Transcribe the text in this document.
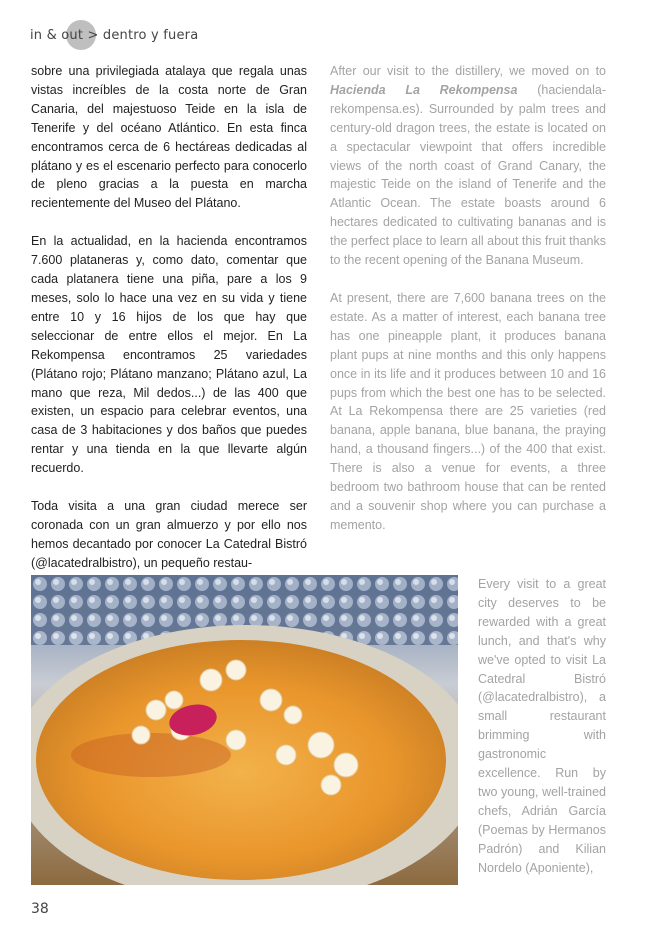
in & out > dentro y fuera

sobre una privilegiada atalaya que regala unas vistas increíbles de la costa norte de Gran Canaria, del majestuoso Teide en la isla de Tenerife y del océano Atlántico. En esta finca encontramos cerca de 6 hectáreas dedicadas al plátano y es el escenario perfecto para conocerlo de pleno gracias a la puesta en marcha recientemente del Museo del Plátano.

En la actualidad, en la hacienda encontramos 7.600 plataneras y, como dato, comentar que cada platanera tiene una piña, pare a los 9 meses, solo lo hace una vez en su vida y tiene entre 10 y 16 hijos de los que hay que seleccionar de entre ellos el mejor. En La Rekompensa encontramos 25 variedades (Plátano rojo; Plátano manzano; Plátano azul, La mano que reza, Mil dedos...) de las 400 que existen, un espacio para celebrar eventos, una casa de 3 habitaciones y dos baños que puedes rentar y una tienda en la que llevarte algún recuerdo.

Toda visita a una gran ciudad merece ser coronada con un gran almuerzo y por ello nos hemos decantado por conocer La Catedral Bistró (@lacatedralbistro), un pequeño restau-

After our visit to the distillery, we moved on to Hacienda La Rekompensa (haciendala-rekompensa.es). Surrounded by palm trees and century-old dragon trees, the estate is located on a spectacular viewpoint that offers incredible views of the north coast of Grand Canary, the majestic Teide on the island of Tenerife and the Atlantic Ocean. The estate boasts around 6 hectares dedicated to cultivating bananas and is the perfect place to learn all about this fruit thanks to the recent opening of the Banana Museum.

At present, there are 7,600 banana trees on the estate. As a matter of interest, each banana tree has one pineapple plant, it produces banana plant pups at nine months and this only happens once in its life and it produces between 10 and 16 pups from which the best one has to be selected. At La Rekompensa there are 25 varieties (red banana, apple banana, blue banana, the praying hand, a thousand fingers...) of the 400 that exist. There is also a venue for events, a three bedroom two bathroom house that can be rented and a souvenir shop where you can purchase a memento.

Every visit to a great city deserves to be rewarded with a great lunch, and that's why we've opted to visit La Catedral Bistró (@lacatedralbistro), a small restaurant brimming with gastronomic excellence. Run by two young, well-trained chefs, Adrián García (Poemas by Hermanos Padrón) and Kilian Nordelo (Aponiente),

38
